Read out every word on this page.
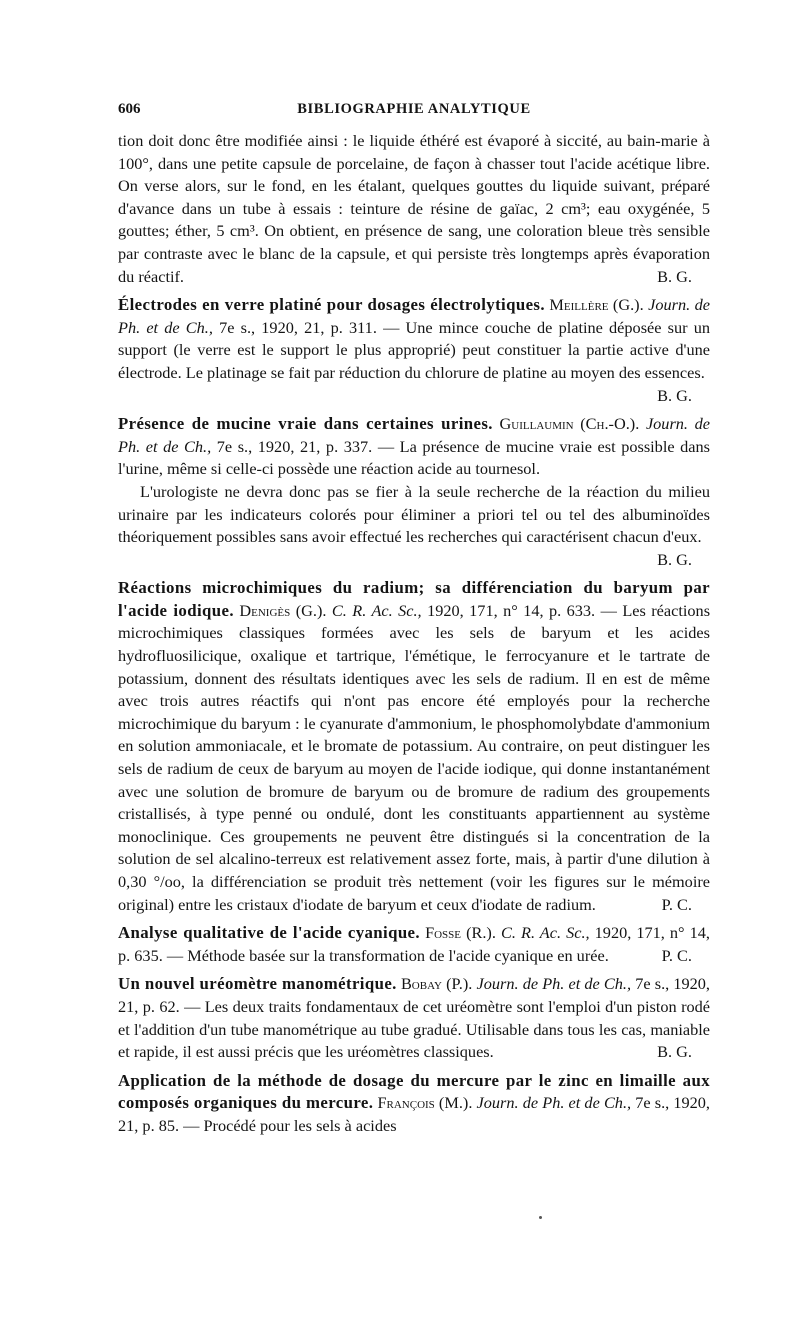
606	BIBLIOGRAPHIE ANALYTIQUE

tion doit donc être modifiée ainsi : le liquide éthéré est évaporé à siccité, au bain-marie à 100°, dans une petite capsule de porcelaine, de façon à chasser tout l'acide acétique libre. On verse alors, sur le fond, en les étalant, quelques gouttes du liquide suivant, préparé d'avance dans un tube à essais : teinture de résine de gaïac, 2 cm³; eau oxygénée, 5 gouttes; éther, 5 cm³. On obtient, en présence de sang, une coloration bleue très sensible par contraste avec le blanc de la capsule, et qui persiste très longtemps après évaporation du réactif.	B. G.

Électrodes en verre platiné pour dosages électrolytiques. Meillère (G.). Journ. de Ph. et de Ch., 7e s., 1920, 21, p. 311. — Une mince couche de platine déposée sur un support (le verre est le support le plus approprié) peut constituer la partie active d'une électrode. Le platinage se fait par réduction du chlorure de platine au moyen des essences.
B. G.

Présence de mucine vraie dans certaines urines. Guillaumin (Ch.-O.). Journ. de Ph. et de Ch., 7e s., 1920, 21, p. 337. — La présence de mucine vraie est possible dans l'urine, même si celle-ci possède une réaction acide au tournesol.

L'urologiste ne devra donc pas se fier à la seule recherche de la réaction du milieu urinaire par les indicateurs colorés pour éliminer a priori tel ou tel des albuminoïdes théoriquement possibles sans avoir effectué les recherches qui caractérisent chacun d'eux.
B. G.

Réactions microchimiques du radium; sa différenciation du baryum par l'acide iodique. Denigès (G.). C. R. Ac. Sc., 1920, 171, n° 14, p. 633. — Les réactions microchimiques classiques formées avec les sels de baryum et les acides hydrofluosilicique, oxalique et tartrique, l'émétique, le ferrocyanure et le tartrate de potassium, donnent des résultats identiques avec les sels de radium. Il en est de même avec trois autres réactifs qui n'ont pas encore été employés pour la recherche microchimique du baryum : le cyanurate d'ammonium, le phosphomolybdate d'ammonium en solution ammoniacale, et le bromate de potassium. Au contraire, on peut distinguer les sels de radium de ceux de baryum au moyen de l'acide iodique, qui donne instantanément avec une solution de bromure de baryum ou de bromure de radium des groupements cristallisés, à type penné ou ondulé, dont les constituants appartiennent au système monoclinique. Ces groupements ne peuvent être distingués si la concentration de la solution de sel alcalino-terreux est relativement assez forte, mais, à partir d'une dilution à 0,30 °/oo, la différenciation se produit très nettement (voir les figures sur le mémoire original) entre les cristaux d'iodate de baryum et ceux d'iodate de radium.	P. C.

Analyse qualitative de l'acide cyanique. Fosse (R.). C. R. Ac. Sc., 1920, 171, n° 14, p. 635. — Méthode basée sur la transformation de l'acide cyanique en urée.	P. C.

Un nouvel uréomètre manométrique. Bobay (P.). Journ. de Ph. et de Ch., 7e s., 1920, 21, p. 62. — Les deux traits fondamentaux de cet uréomètre sont l'emploi d'un piston rodé et l'addition d'un tube manométrique au tube gradué. Utilisable dans tous les cas, maniable et rapide, il est aussi précis que les uréomètres classiques.	B. G.

Application de la méthode de dosage du mercure par le zinc en limaille aux composés organiques du mercure. François (M.). Journ. de Ph. et de Ch., 7e s., 1920, 21, p. 85. — Procédé pour les sels à acides
